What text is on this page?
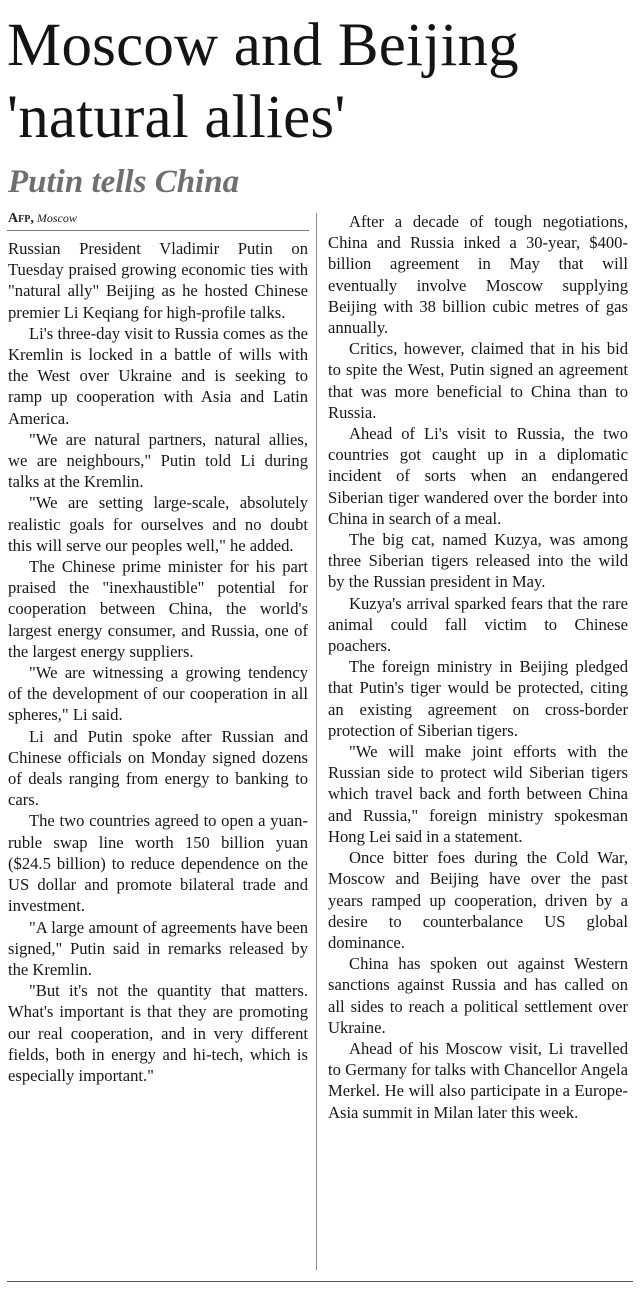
Moscow and Beijing 'natural allies'
Putin tells China
Afp, Moscow

Russian President Vladimir Putin on Tuesday praised growing economic ties with "natural ally" Beijing as he hosted Chinese premier Li Keqiang for high-profile talks.

Li's three-day visit to Russia comes as the Kremlin is locked in a battle of wills with the West over Ukraine and is seeking to ramp up cooperation with Asia and Latin America.

"We are natural partners, natural allies, we are neighbours," Putin told Li during talks at the Kremlin.

"We are setting large-scale, absolutely realistic goals for ourselves and no doubt this will serve our peoples well," he added.

The Chinese prime minister for his part praised the "inexhaustible" potential for cooperation between China, the world's largest energy consumer, and Russia, one of the largest energy suppliers.

"We are witnessing a growing tendency of the development of our cooperation in all spheres," Li said.

Li and Putin spoke after Russian and Chinese officials on Monday signed dozens of deals ranging from energy to banking to cars.

The two countries agreed to open a yuan-ruble swap line worth 150 billion yuan ($24.5 billion) to reduce dependence on the US dollar and promote bilateral trade and investment.

"A large amount of agreements have been signed," Putin said in remarks released by the Kremlin.

"But it's not the quantity that matters. What's important is that they are promoting our real cooperation, and in very different fields, both in energy and hi-tech, which is especially important."

After a decade of tough negotiations, China and Russia inked a 30-year, $400-billion agreement in May that will eventually involve Moscow supplying Beijing with 38 billion cubic metres of gas annually.

Critics, however, claimed that in his bid to spite the West, Putin signed an agreement that was more beneficial to China than to Russia.

Ahead of Li's visit to Russia, the two countries got caught up in a diplomatic incident of sorts when an endangered Siberian tiger wandered over the border into China in search of a meal.

The big cat, named Kuzya, was among three Siberian tigers released into the wild by the Russian president in May.

Kuzya's arrival sparked fears that the rare animal could fall victim to Chinese poachers.

The foreign ministry in Beijing pledged that Putin's tiger would be protected, citing an existing agreement on cross-border protection of Siberian tigers.

"We will make joint efforts with the Russian side to protect wild Siberian tigers which travel back and forth between China and Russia," foreign ministry spokesman Hong Lei said in a statement.

Once bitter foes during the Cold War, Moscow and Beijing have over the past years ramped up cooperation, driven by a desire to counterbalance US global dominance.

China has spoken out against Western sanctions against Russia and has called on all sides to reach a political settlement over Ukraine.

Ahead of his Moscow visit, Li travelled to Germany for talks with Chancellor Angela Merkel. He will also participate in a Europe-Asia summit in Milan later this week.
